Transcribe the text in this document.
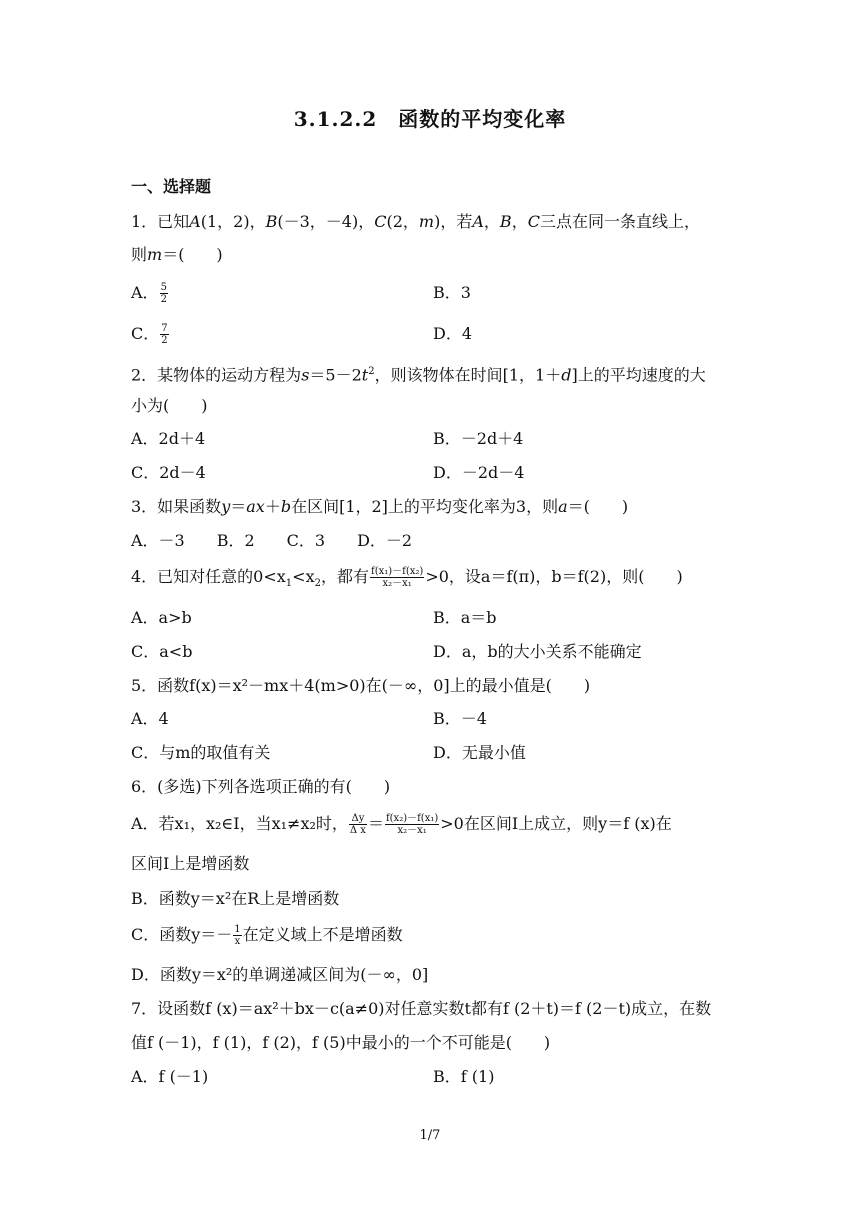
3.1.2.2　函数的平均变化率
一、选择题
1．已知A(1，2)，B(－3，－4)，C(2，m)，若A，B，C三点在同一条直线上，
则m＝(　　)
A． $\frac{5}{2}$	B．3
C． $\frac{7}{2}$	D．4
2．某物体的运动方程为$s=5-2t^2$，则该物体在时间[1，1＋d]上的平均速度的大
小为(　　)
A．2d＋4	B．－2d＋4
C．2d－4	D．－2d－4
3．如果函数y＝ax＋b在区间[1，2]上的平均变化率为3，则a＝(　　)
A．－3　　B．2　　C．3　　D．－2
4．已知对任意的$0<x_1<x_2$，都有 $\frac{\text{f(x₁)－f(x₂)}}{\text{x₂－x₁}} >0$，设a＝f(π)，b＝f(2)，则(　　)
A．a>b	B．a＝b
C．a<b	D．a，b的大小关系不能确定
5．函数f(x)＝x²－mx＋4(m>0)在(－∞，0]上的最小值是(　　)
A．4	B．－4
C．与m的取值有关	D．无最小值
6．(多选)下列各选项正确的有(　　)
A．若x₁，x₂∈I，当x₁≠x₂时， $\frac{\Delta y}{\text{Δ x}} = \frac{\text{f(x₂)－f(x₁)}}{\text{x₂－x₁}} >0$在区间I上成立，则y＝f (x)在
区间I上是增函数
B．函数y＝x²在R上是增函数
C．函数$y=- \frac{1}{x}$ 在定义域上不是增函数
D．函数y＝x²的单调递减区间为(－∞，0]
7．设函数f (x)＝ax²＋bx－c(a≠0)对任意实数t都有f (2＋t)＝f (2－t)成立，在数
值f (－1)，f (1)，f (2)，f (5)中最小的一个不可能是(　　)
A．f (－1)	B．f (1)
1/7
